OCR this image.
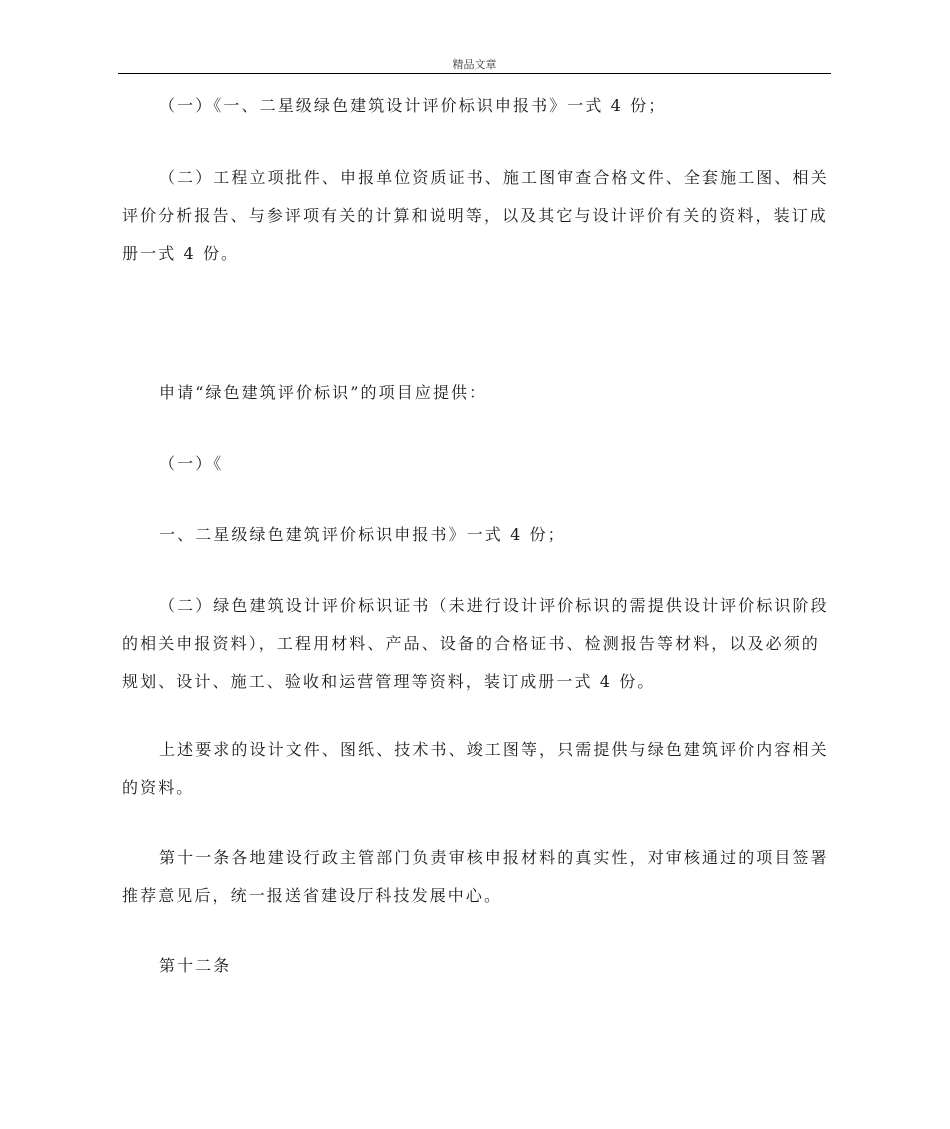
精品文章

（一）《一、二星级绿色建筑设计评价标识申报书》一式 4 份；

（二）工程立项批件、申报单位资质证书、施工图审查合格文件、全套施工图、相关评价分析报告、与参评项有关的计算和说明等，以及其它与设计评价有关的资料，装订成册一式 4 份。

申请“绿色建筑评价标识”的项目应提供：

（一）《

一、二星级绿色建筑评价标识申报书》一式 4 份；

（二）绿色建筑设计评价标识证书（未进行设计评价标识的需提供设计评价标识阶段的相关申报资料），工程用材料、产品、设备的合格证书、检测报告等材料，以及必须的规划、设计、施工、验收和运营管理等资料，装订成册一式 4 份。

上述要求的设计文件、图纸、技术书、竣工图等，只需提供与绿色建筑评价内容相关的资料。

第十一条各地建设行政主管部门负责审核申报材料的真实性，对审核通过的项目签署推荐意见后，统一报送省建设厅科技发展中心。

第十二条
